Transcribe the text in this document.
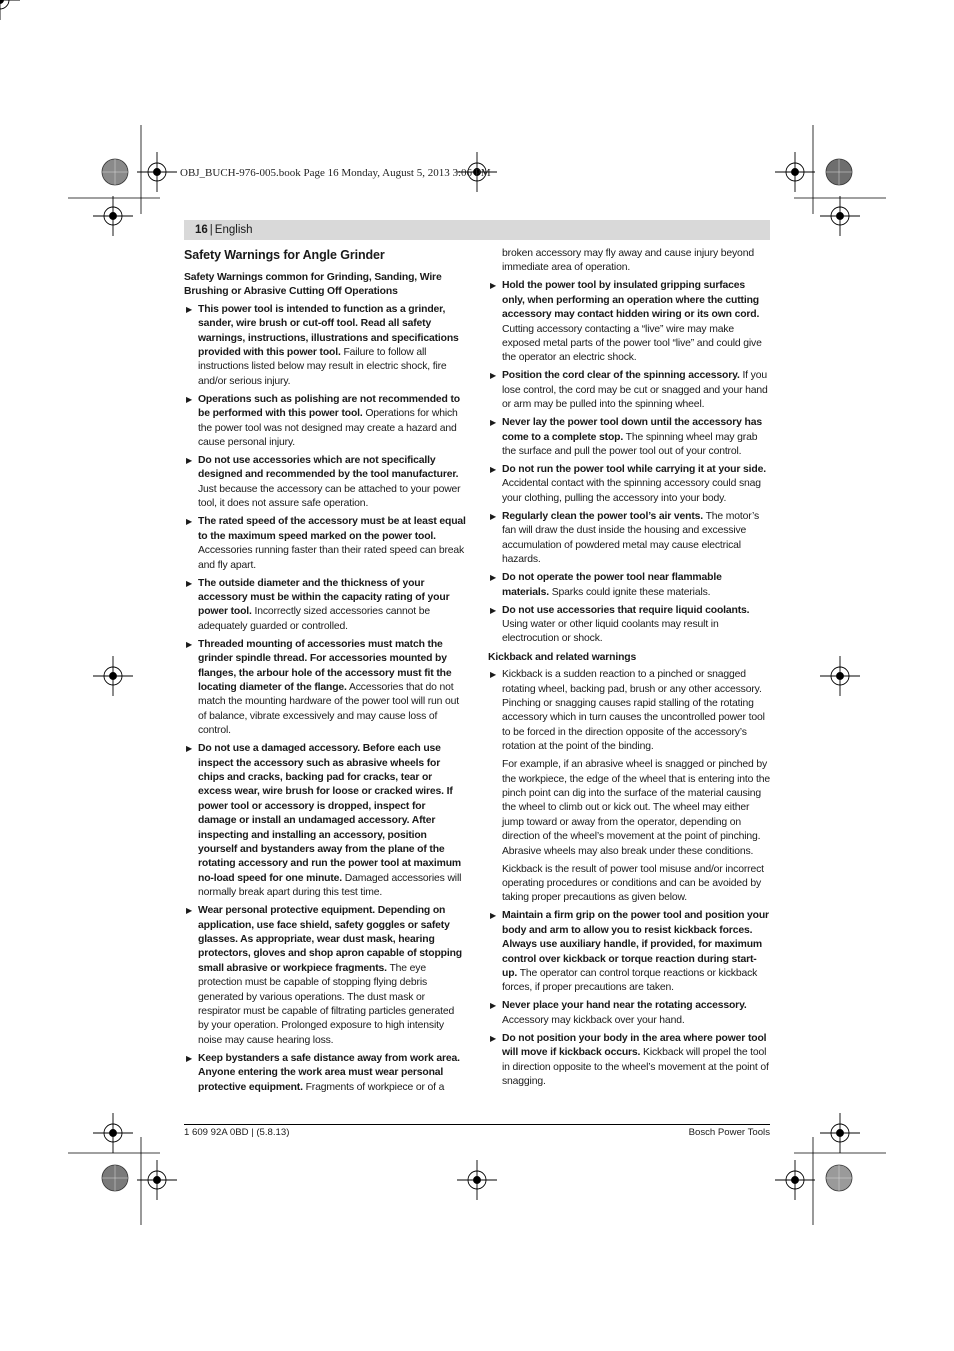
OBJ_BUCH-976-005.book Page 16 Monday, August 5, 2013 3:06 PM
16 | English
Safety Warnings for Angle Grinder
Safety Warnings common for Grinding, Sanding, Wire Brushing or Abrasive Cutting Off Operations
▶ This power tool is intended to function as a grinder, sander, wire brush or cut-off tool. Read all safety warnings, instructions, illustrations and specifications provided with this power tool. Failure to follow all instructions listed below may result in electric shock, fire and/or serious injury.
▶ Operations such as polishing are not recommended to be performed with this power tool. Operations for which the power tool was not designed may create a hazard and cause personal injury.
▶ Do not use accessories which are not specifically designed and recommended by the tool manufacturer. Just because the accessory can be attached to your power tool, it does not assure safe operation.
▶ The rated speed of the accessory must be at least equal to the maximum speed marked on the power tool. Accessories running faster than their rated speed can break and fly apart.
▶ The outside diameter and the thickness of your accessory must be within the capacity rating of your power tool. Incorrectly sized accessories cannot be adequately guarded or controlled.
▶ Threaded mounting of accessories must match the grinder spindle thread. For accessories mounted by flanges, the arbour hole of the accessory must fit the locating diameter of the flange. Accessories that do not match the mounting hardware of the power tool will run out of balance, vibrate excessively and may cause loss of control.
▶ Do not use a damaged accessory. Before each use inspect the accessory such as abrasive wheels for chips and cracks, backing pad for cracks, tear or excess wear, wire brush for loose or cracked wires. If power tool or accessory is dropped, inspect for damage or install an undamaged accessory. After inspecting and installing an accessory, position yourself and bystanders away from the plane of the rotating accessory and run the power tool at maximum no-load speed for one minute. Damaged accessories will normally break apart during this test time.
▶ Wear personal protective equipment. Depending on application, use face shield, safety goggles or safety glasses. As appropriate, wear dust mask, hearing protectors, gloves and shop apron capable of stopping small abrasive or workpiece fragments. The eye protection must be capable of stopping flying debris generated by various operations. The dust mask or respirator must be capable of filtrating particles generated by your operation. Prolonged exposure to high intensity noise may cause hearing loss.
▶ Keep bystanders a safe distance away from work area. Anyone entering the work area must wear personal protective equipment. Fragments of workpiece or of a
broken accessory may fly away and cause injury beyond immediate area of operation.
▶ Hold the power tool by insulated gripping surfaces only, when performing an operation where the cutting accessory may contact hidden wiring or its own cord. Cutting accessory contacting a “live” wire may make exposed metal parts of the power tool “live” and could give the operator an electric shock.
▶ Position the cord clear of the spinning accessory. If you lose control, the cord may be cut or snagged and your hand or arm may be pulled into the spinning wheel.
▶ Never lay the power tool down until the accessory has come to a complete stop. The spinning wheel may grab the surface and pull the power tool out of your control.
▶ Do not run the power tool while carrying it at your side. Accidental contact with the spinning accessory could snag your clothing, pulling the accessory into your body.
▶ Regularly clean the power tool’s air vents. The motor’s fan will draw the dust inside the housing and excessive accumulation of powdered metal may cause electrical hazards.
▶ Do not operate the power tool near flammable materials. Sparks could ignite these materials.
▶ Do not use accessories that require liquid coolants. Using water or other liquid coolants may result in electrocution or shock.
Kickback and related warnings
▶ Kickback is a sudden reaction to a pinched or snagged rotating wheel, backing pad, brush or any other accessory. Pinching or snagging causes rapid stalling of the rotating accessory which in turn causes the uncontrolled power tool to be forced in the direction opposite of the accessory’s rotation at the point of the binding.
For example, if an abrasive wheel is snagged or pinched by the workpiece, the edge of the wheel that is entering into the pinch point can dig into the surface of the material causing the wheel to climb out or kick out. The wheel may either jump toward or away from the operator, depending on direction of the wheel’s movement at the point of pinching. Abrasive wheels may also break under these conditions.
Kickback is the result of power tool misuse and/or incorrect operating procedures or conditions and can be avoided by taking proper precautions as given below.
▶ Maintain a firm grip on the power tool and position your body and arm to allow you to resist kickback forces. Always use auxiliary handle, if provided, for maximum control over kickback or torque reaction during start-up. The operator can control torque reactions or kickback forces, if proper precautions are taken.
▶ Never place your hand near the rotating accessory. Accessory may kickback over your hand.
▶ Do not position your body in the area where power tool will move if kickback occurs. Kickback will propel the tool in direction opposite to the wheel’s movement at the point of snagging.
1 609 92A 0BD | (5.8.13)	Bosch Power Tools
